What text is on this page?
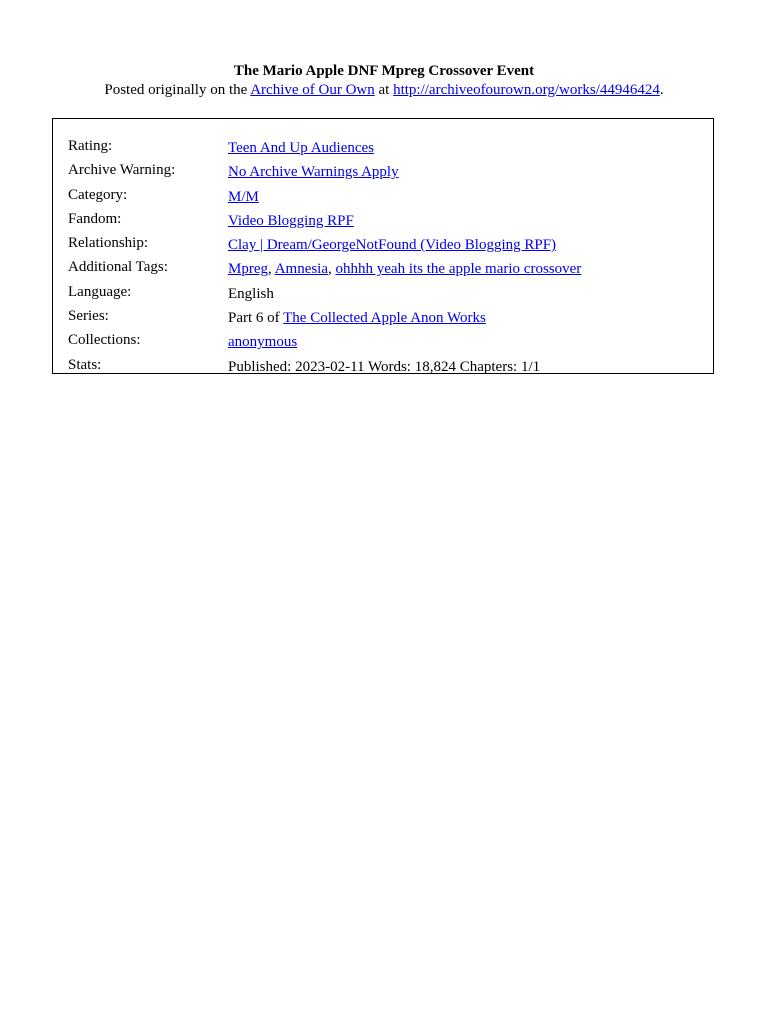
The Mario Apple DNF Mpreg Crossover Event
Posted originally on the Archive of Our Own at http://archiveofourown.org/works/44946424.
Rating:	Teen And Up Audiences
Archive Warning:	No Archive Warnings Apply
Category:	M/M
Fandom:	Video Blogging RPF
Relationship:	Clay | Dream/GeorgeNotFound (Video Blogging RPF)
Additional Tags:	Mpreg, Amnesia, ohhhh yeah its the apple mario crossover
Language:	English
Series:	Part 6 of The Collected Apple Anon Works
Collections:	anonymous
Stats:	Published: 2023-02-11 Words: 18,824 Chapters: 1/1
